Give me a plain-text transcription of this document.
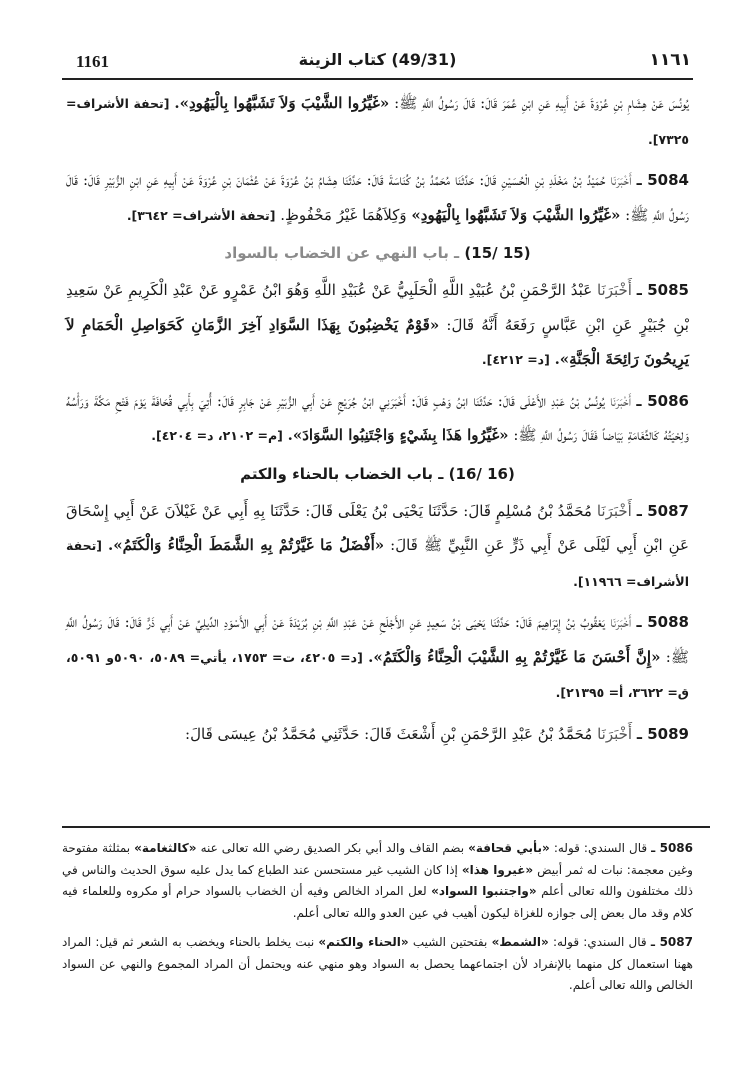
1161	(49/31) كتاب الزينة	١١٦١

يُونُسَ عَنْ هِشَامِ بْنِ عُرْوَةَ عَنْ أَبِيهِ عَنِ ابْنِ عُمَرَ قَالَ: قَالَ رَسُولُ اللَّهِ ﷺ: «غَيِّرُوا الشَّيْبَ وَلاَ تَشَبَّهُوا بِالْيَهُودِ». [تحفة الأشراف= ٧٣٢٥].

5084 ـ أَخْبَرَنَا حُمَيْدُ بْنُ مَخْلَدِ بْنِ الْحُسَيْنِ قَالَ: حَدَّثَنَا مُحَمَّدُ بْنُ كُنَاسَةَ قَالَ: حَدَّثَنَا هِشَامُ بْنُ عُرْوَةَ عَنْ عُثْمَانَ بْنِ عُرْوَةَ عَنْ أَبِيهِ عَنِ ابْنِ الزُّبَيْرِ قَالَ: قَالَ رَسُولُ اللَّهِ ﷺ: «غَيِّرُوا الشَّيْبَ وَلاَ تَشَبَّهُوا بِالْيَهُودِ» وَكِلاَهُمَا غَيْرُ مَحْفُوظٍ. [تحفة الأشراف= ٣٦٤٢].

(15 /15) ـ باب النهي عن الخضاب بالسواد

5085 ـ أَخْبَرَنَا عَبْدُ الرَّحْمَنِ بْنُ عُبَيْدِ اللَّهِ الْحَلَبِيُّ عَنْ عُبَيْدِ اللَّهِ وَهُوَ ابْنُ عَمْرٍو عَنْ عَبْدِ الْكَرِيمِ عَنْ سَعِيدِ بْنِ جُبَيْرٍ عَنِ ابْنِ عَبَّاسٍ رَفَعَهُ أَنَّهُ قَالَ: «قَوْمٌ يَخْضِبُونَ بِهَذَا السَّوَادِ آخِرَ الزَّمَانِ كَحَوَاصِلِ الْحَمَامِ لاَ يَرِيحُونَ رَائِحَةَ الْجَنَّةِ». [د= ٤٢١٢].

5086 ـ أَخْبَرَنَا يُونُسُ بْنُ عَبْدِ الأَعْلَى قَالَ: حَدَّثَنَا ابْنُ وَهْبٍ قَالَ: أَخْبَرَنِي ابْنُ جُرَيْجٍ عَنْ أَبِي الزُّبَيْرِ عَنْ جَابِرٍ قَالَ: أُتِيَ بِأَبِي قُحَافَةَ يَوْمَ فَتْحِ مَكَّةَ وَرَأْسُهُ وَلِحْيَتُهُ كَالثَّغَامَةِ بَيَاضاً فَقَالَ رَسُولُ اللَّهِ ﷺ: «غَيِّرُوا هَذَا بِشَيْءٍ وَاجْتَنِبُوا السَّوَادَ». [م= ٢١٠٢، د= ٤٢٠٤].

(16 /16) ـ باب الخضاب بالحناء والكتم

5087 ـ أَخْبَرَنَا مُحَمَّدُ بْنُ مُسْلِمٍ قَالَ: حَدَّثَنَا يَحْيَى بْنُ يَعْلَى قَالَ: حَدَّثَنَا بِهِ أَبِي عَنْ غَيْلاَنَ عَنْ أَبِي إِسْحَاقَ عَنِ ابْنِ أَبِي لَيْلَى عَنْ أَبِي ذَرٍّ عَنِ النَّبِيِّ ﷺ قَالَ: «أَفْضَلُ مَا غَيَّرْتُمْ بِهِ الشَّمَطَ الْحِنَّاءُ وَالْكَتَمُ». [تحفة الأشراف= ١١٩٦٦].

5088 ـ أَخْبَرَنَا يَعْقُوبُ بْنُ إِبْرَاهِيمَ قَالَ: حَدَّثَنَا يَحْيَى بْنُ سَعِيدٍ عَنِ الأَجْلَحِ عَنْ عَبْدِ اللَّهِ بْنِ بُرَيْدَةَ عَنْ أَبِي الأَسْوَدِ الدِّيلِيِّ عَنْ أَبِي ذَرٍّ قَالَ: قَالَ رَسُولُ اللَّهِ ﷺ: «إِنَّ أَحْسَنَ مَا غَيَّرْتُمْ بِهِ الشَّيْبَ الْحِنَّاءُ وَالْكَتَمُ». [د= ٤٢٠٥، ت= ١٧٥٣، يأتي= ٥٠٨٩، ٥٠٩٠و ٥٠٩١، ق= ٣٦٢٢، أ= ٢١٣٩٥].

5089 ـ أَخْبَرَنَا مُحَمَّدُ بْنُ عَبْدِ الرَّحْمَنِ بْنِ أَشْعَثَ قَالَ: حَدَّثَنِي مُحَمَّدُ بْنُ عِيسَى قَالَ:

5086 ـ قال السندي: قوله: «بأبي قحافة» بضم القاف والد أبي بكر الصديق رضي الله تعالى عنه «كالثغامة» بمثلثة مفتوحة وغين معجمة: نبات له ثمر أبيض «غيروا هذا» إذا كان الشيب غير مستحسن عند الطباع كما يدل عليه سوق الحديث والناس في ذلك مختلفون والله تعالى أعلم «واجتنبوا السواد» لعل المراد الخالص وفيه أن الخضاب بالسواد حرام أو مكروه وللعلماء فيه كلام وقد مال بعض إلى جوازه للغزاة ليكون أهيب في عين العدو والله تعالى أعلم.

5087 ـ قال السندي: قوله: «الشمط» بفتحتين الشيب «الحناء والكتم» نبت يخلط بالحناء ويخضب به الشعر ثم قيل: المراد ههنا استعمال كل منهما بالإنفراد لأن اجتماعهما يحصل به السواد وهو منهي عنه ويحتمل أن المراد المجموع والنهي عن السواد الخالص والله تعالى أعلم.
